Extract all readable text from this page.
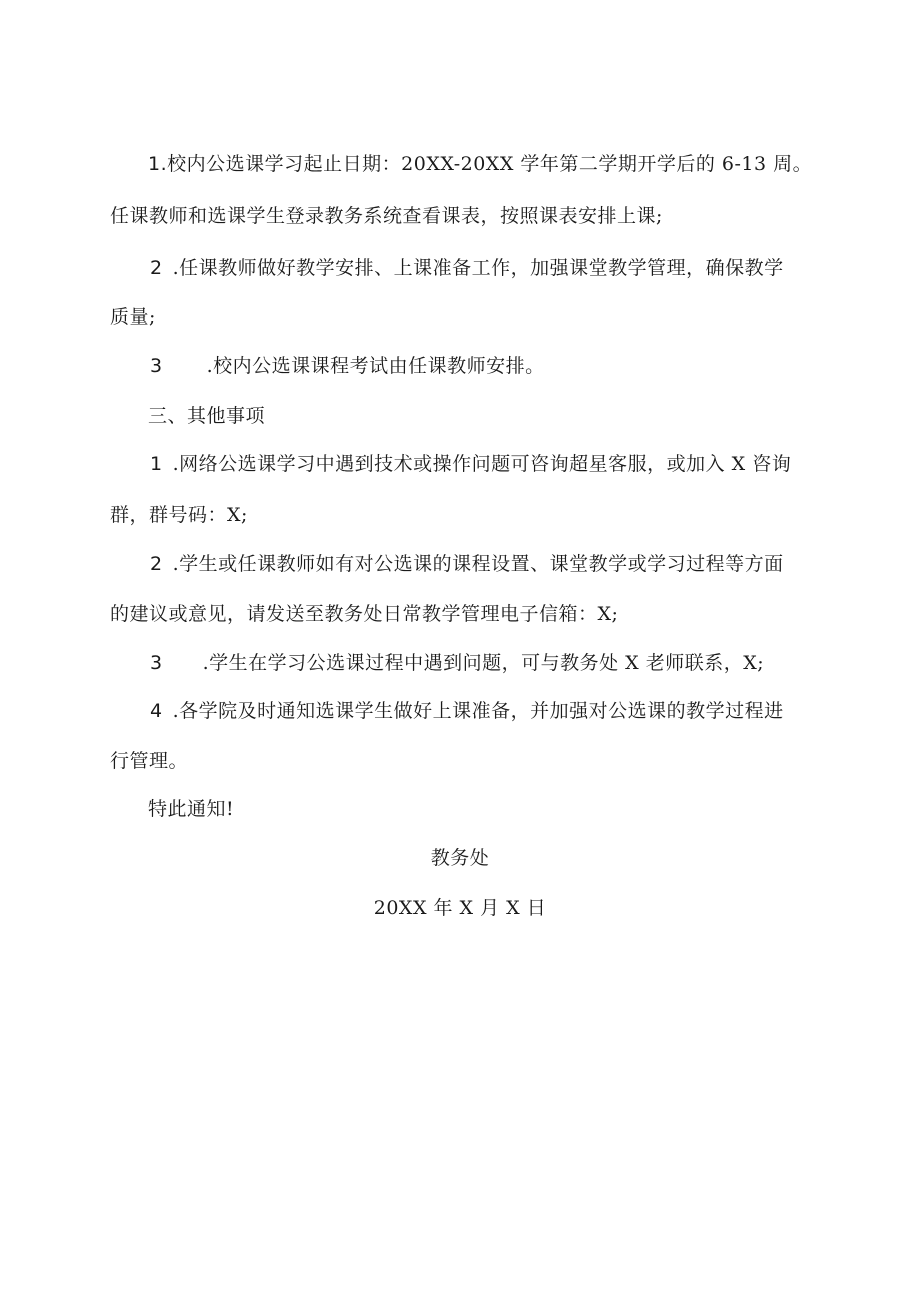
1.校内公选课学习起止日期：20XX-20XX 学年第二学期开学后的 6-13 周。
任课教师和选课学生登录教务系统查看课表，按照课表安排上课;
2 .任课教师做好教学安排、上课准备工作，加强课堂教学管理，确保教学
质量;
3 .校内公选课课程考试由任课教师安排。
三、其他事项
1 .网络公选课学习中遇到技术或操作问题可咨询超星客服，或加入 X 咨询
群，群号码：X;
2 .学生或任课教师如有对公选课的课程设置、课堂教学或学习过程等方面
的建议或意见，请发送至教务处日常教学管理电子信箱：X;
3 .学生在学习公选课过程中遇到问题，可与教务处 X 老师联系，X;
4 .各学院及时通知选课学生做好上课准备，并加强对公选课的教学过程进
行管理。
特此通知!
教务处
20XX 年 X 月 X 日
